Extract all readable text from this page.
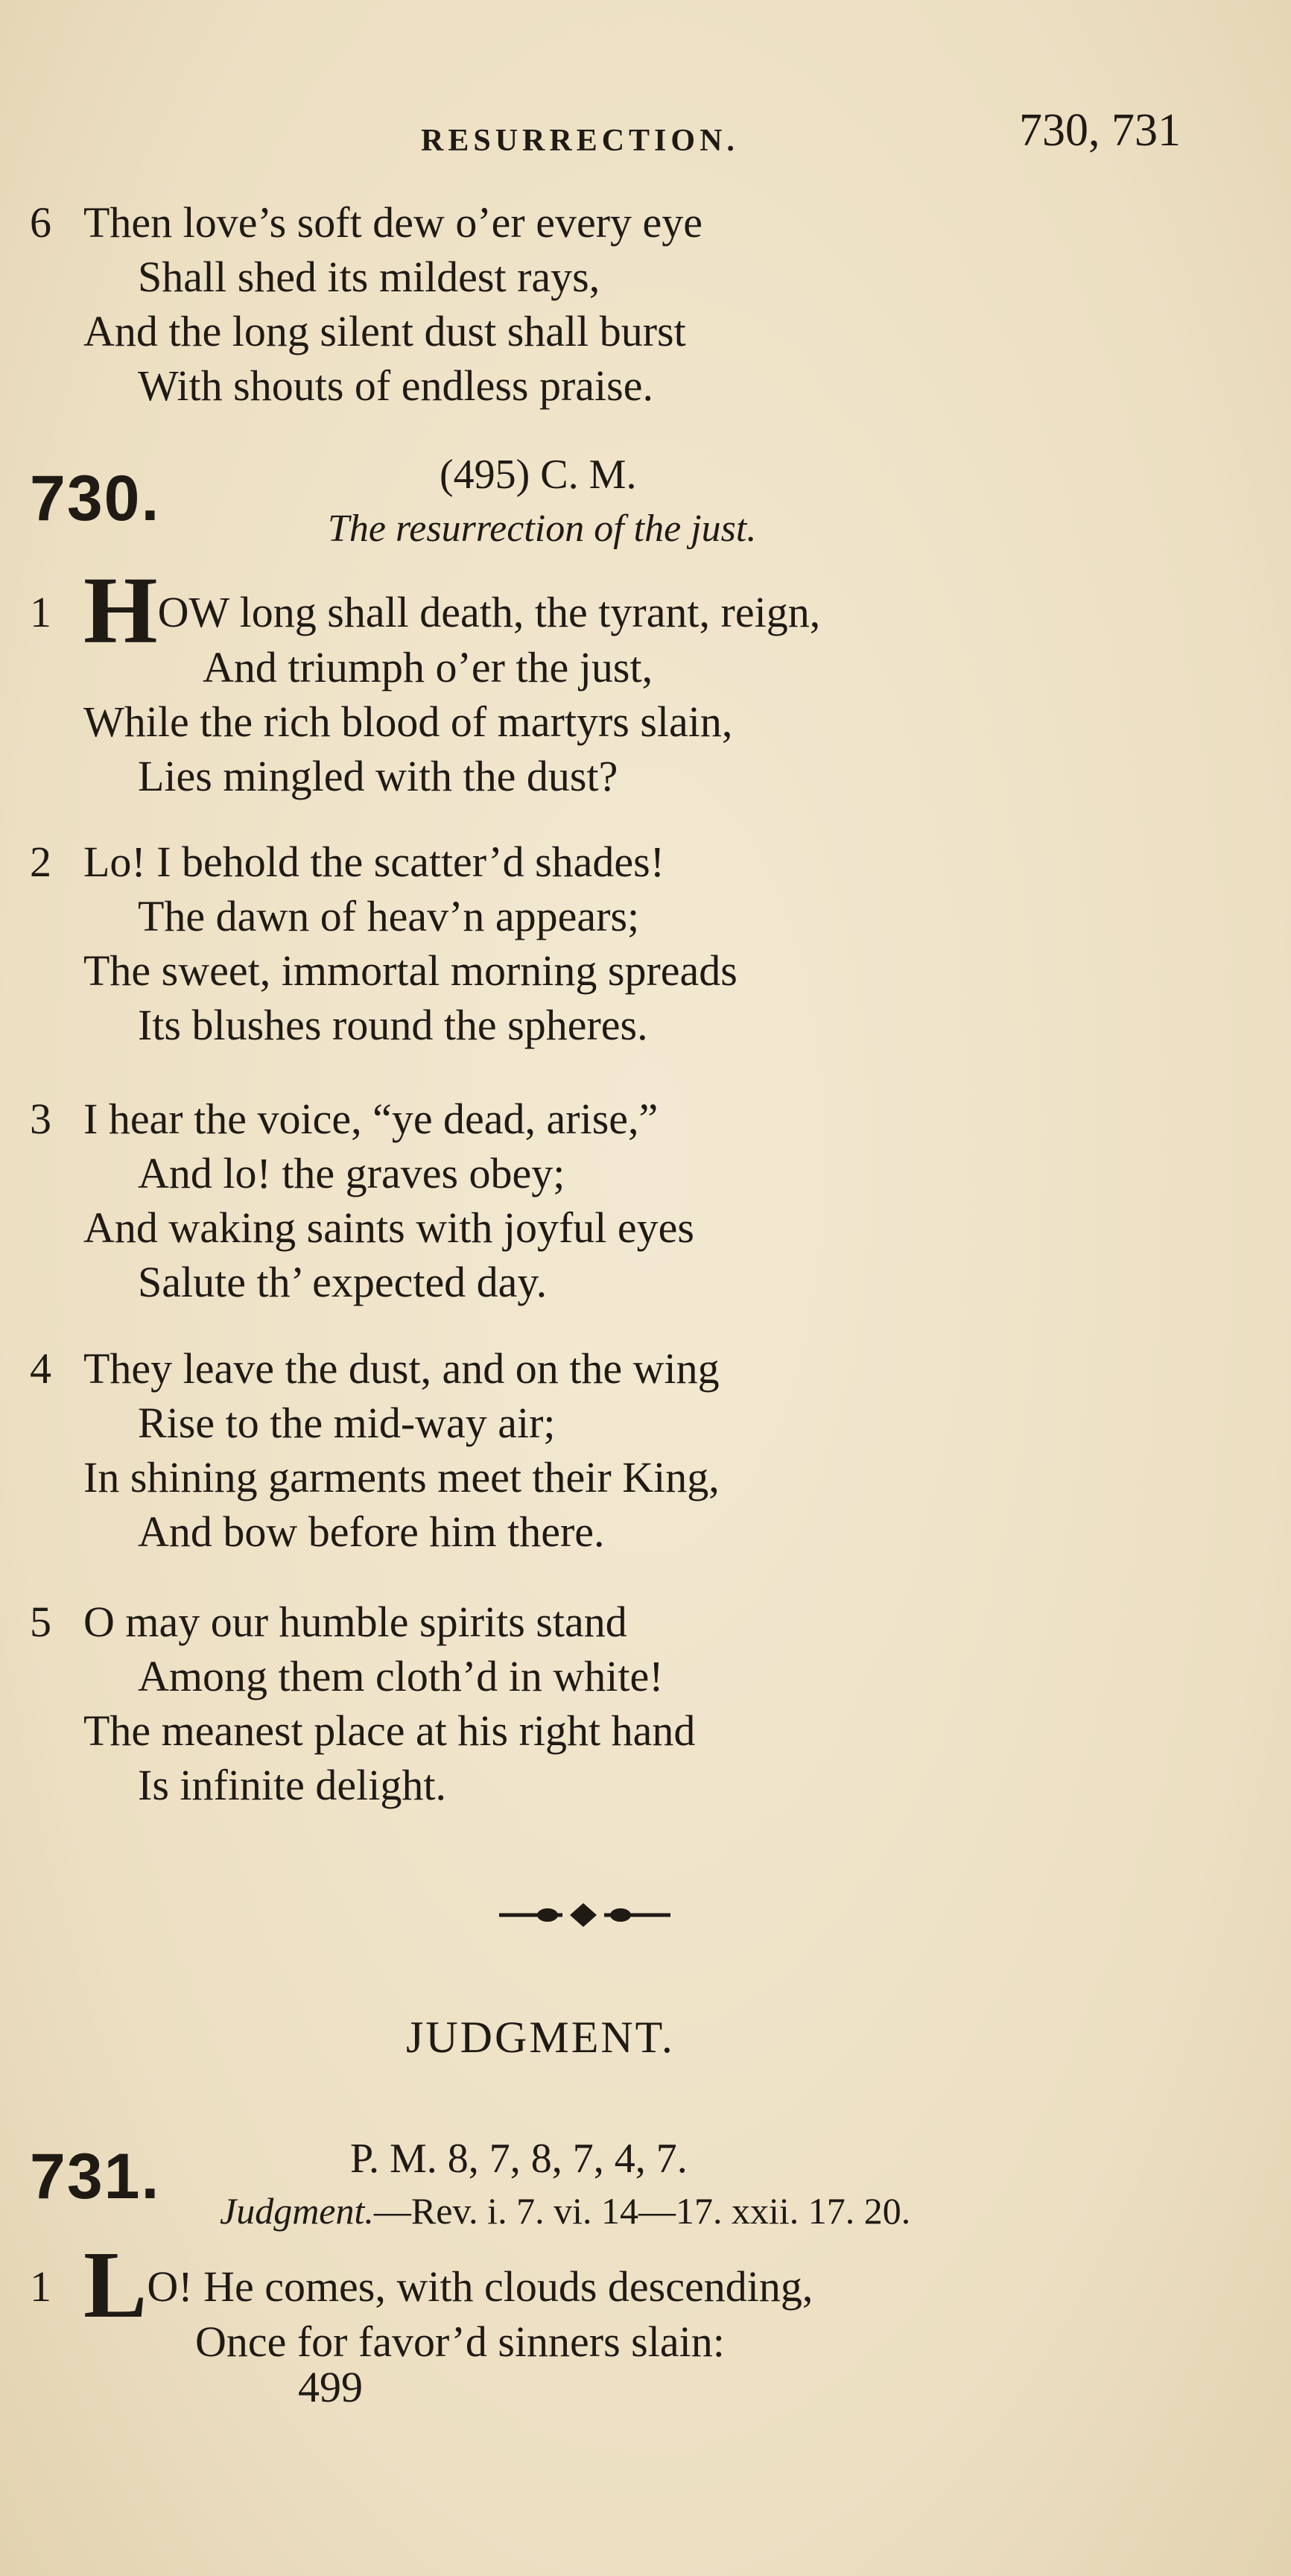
RESURRECTION.	730, 731
6 Then love’s soft dew o’er every eye
Shall shed its mildest rays,
And the long silent dust shall burst
With shouts of endless praise.
730.	(495) C. M.
The resurrection of the just.
1 HOW long shall death, the tyrant, reign,
And triumph o’er the just,
While the rich blood of martyrs slain,
Lies mingled with the dust?
2 Lo! I behold the scatter’d shades!
The dawn of heav’n appears;
The sweet, immortal morning spreads
Its blushes round the spheres.
3 I hear the voice, “ye dead, arise,”
And lo! the graves obey;
And waking saints with joyful eyes
Salute th’ expected day.
4 They leave the dust, and on the wing
Rise to the mid-way air;
In shining garments meet their King,
And bow before him there.
5 O may our humble spirits stand
Among them cloth’d in white!
The meanest place at his right hand
Is infinite delight.
JUDGMENT.
731.	P. M. 8, 7, 8, 7, 4, 7.
Judgment.—Rev. i. 7. vi. 14—17. xxii. 17. 20.
1 LO! He comes, with clouds descending,
Once for favor’d sinners slain:
499
